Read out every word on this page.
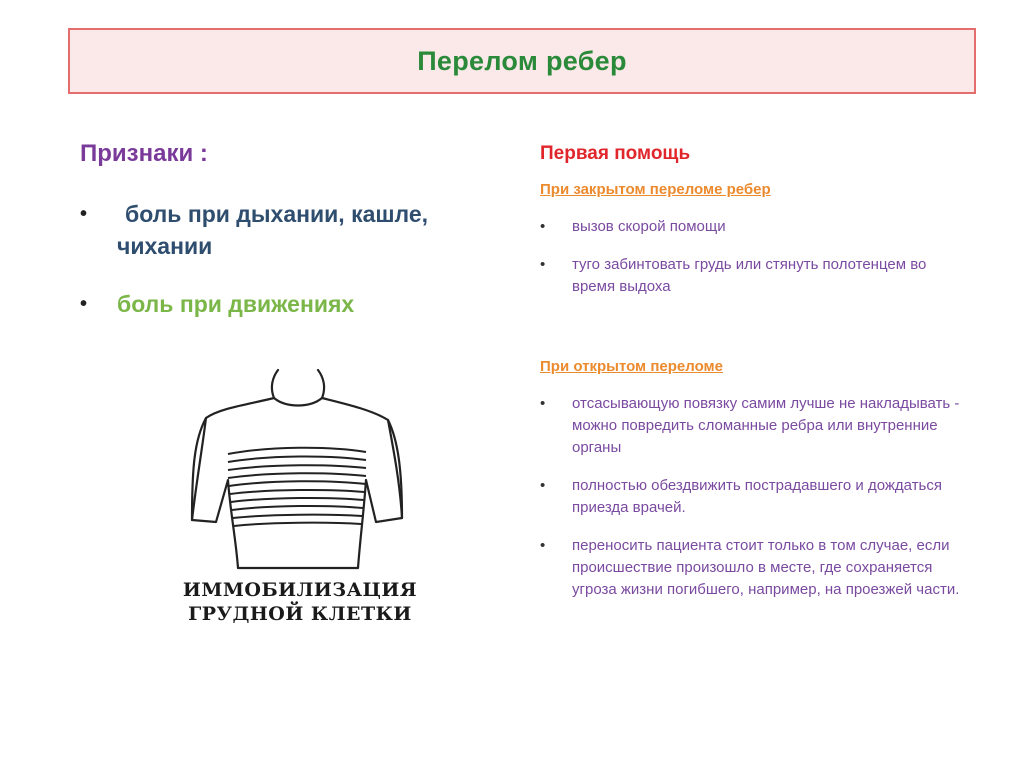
Перелом ребер
Признаки :
• боль при дыхании, кашле, чихании
• боль при движениях
ИММОБИЛИЗАЦИЯ
ГРУДНОЙ КЛЕТКИ
Первая помощь
При закрытом переломе ребер
• вызов скорой помощи
• туго забинтовать грудь или стянуть полотенцем во время выдоха
При открытом переломе
• отсасывающую повязку самим лучше не накладывать - можно повредить сломанные ребра или внутренние органы
• полностью обездвижить пострадавшего и дождаться приезда врачей.
• переносить пациента стоит только в том случае, если происшествие произошло в месте, где сохраняется угроза жизни погибшего, например, на проезжей части.
